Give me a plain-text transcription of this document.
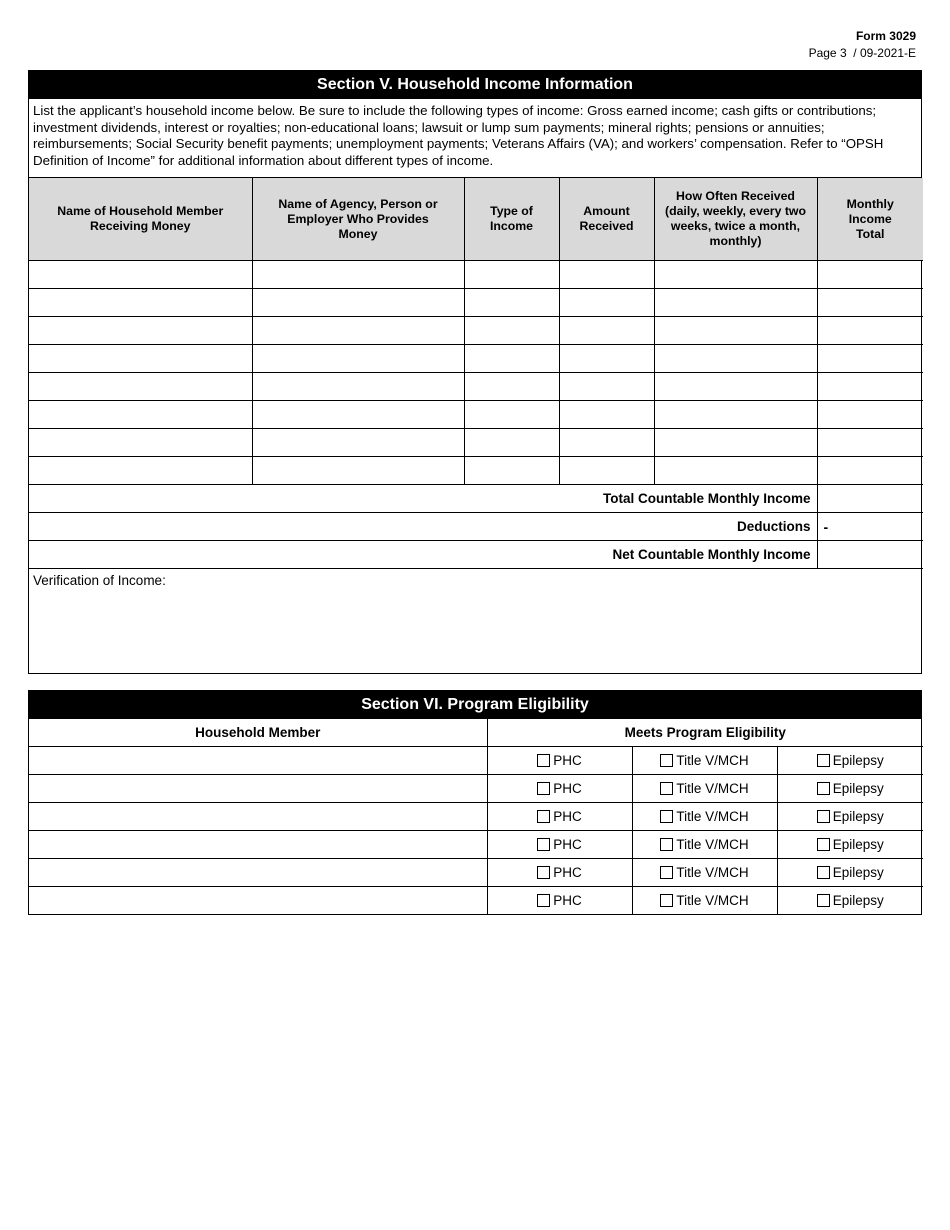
Form 3029
Page 3  / 09-2021-E
Section V. Household Income Information
List the applicant’s household income below. Be sure to include the following types of income: Gross earned income; cash gifts or contributions; investment dividends, interest or royalties; non-educational loans; lawsuit or lump sum payments; mineral rights; pensions or annuities; reimbursements; Social Security benefit payments; unemployment payments; Veterans Affairs (VA); and workers’ compensation. Refer to “OPSH Definition of Income” for additional information about different types of income.
Name of Household Member Receiving Money	Name of Agency, Person or Employer Who Provides Money	Type of Income	Amount Received	How Often Received (daily, weekly, every two weeks, twice a month, monthly)	Monthly Income Total

Total Countable Monthly Income					
Deductions					-
Net Countable Monthly Income					
Verification of Income:
Section VI. Program Eligibility
Household Member	Meets Program Eligibility		
	PHC	Title V/MCH	Epilepsy
	PHC	Title V/MCH	Epilepsy
	PHC	Title V/MCH	Epilepsy
	PHC	Title V/MCH	Epilepsy
	PHC	Title V/MCH	Epilepsy
	PHC	Title V/MCH	Epilepsy
